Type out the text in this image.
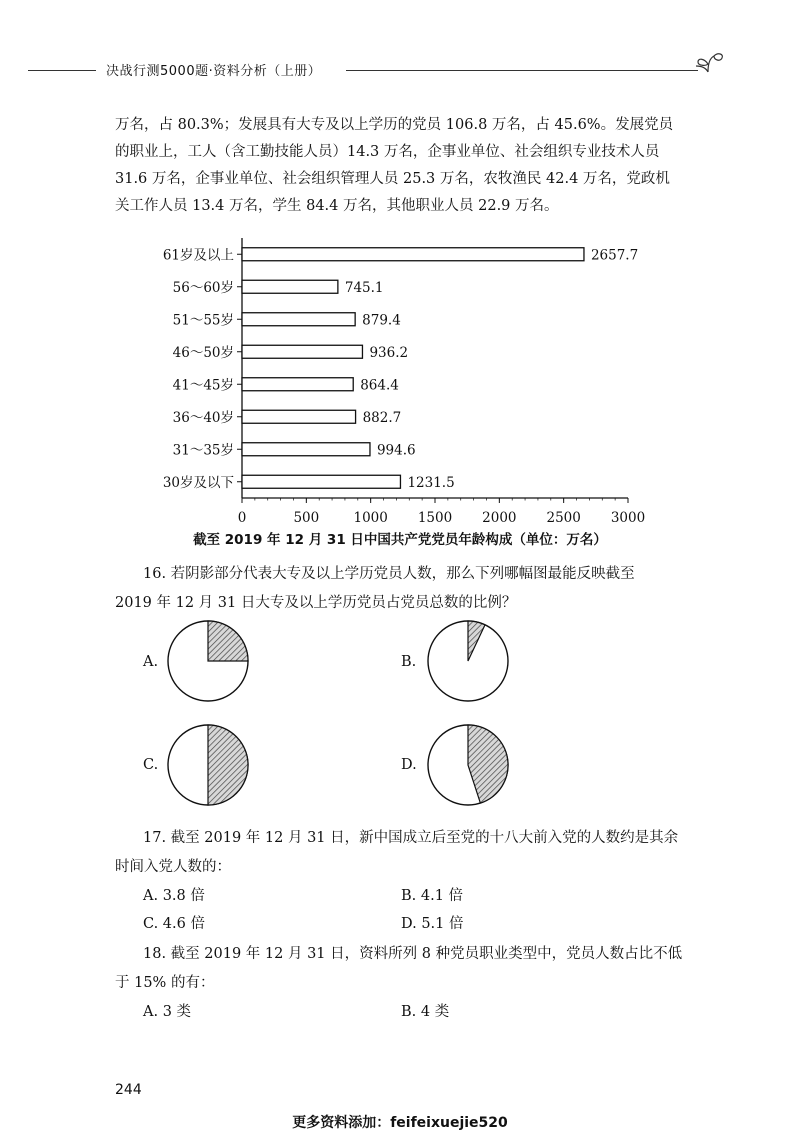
决战行测5000题·资料分析（上册）

万名，占 80.3%；发展具有大专及以上学历的党员 106.8 万名，占 45.6%。发展党员

的职业上，工人（含工勤技能人员）14.3 万名，企事业单位、社会组织专业技术人员

31.6 万名，企事业单位、社会组织管理人员 25.3 万名，农牧渔民 42.4 万名，党政机

关工作人员 13.4 万名，学生 84.4 万名，其他职业人员 22.9 万名。

61岁及以上	2657.7
56～60岁	745.1
51～55岁	879.4
46～50岁	936.2
41～45岁	864.4
36～40岁	882.7
31～35岁	994.6
30岁及以下	1231.5
0	500	1000 1500 2000 2500 3000
截至 2019 年 12 月 31 日中国共产党党员年龄构成（单位：万名）

16. 若阴影部分代表大专及以上学历党员人数，那么下列哪幅图最能反映截至

2019 年 12 月 31 日大专及以上学历党员占党员总数的比例？

A.	B.
C.	D.

17. 截至 2019 年 12 月 31 日，新中国成立后至党的十八大前入党的人数约是其余

时间入党人数的：

A. 3.8 倍	B. 4.1 倍
C. 4.6 倍	D. 5.1 倍

18. 截至 2019 年 12 月 31 日，资料所列 8 种党员职业类型中，党员人数占比不低

于 15% 的有：

A. 3 类	B. 4 类
244
更多资料添加：feifeixuejie520
